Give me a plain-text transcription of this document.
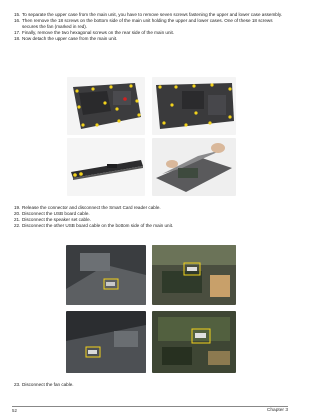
15. To separate the upper case from the main unit, you have to remove seven screws fastening the upper and lower case assembly.
16. Then remove the 18 screws on the bottom side of the main unit holding the upper and lower cases. One of these 18 screws secures the fan (marked in red).
17. Finally, remove the two hexagonal screws on the rear side of the main unit.
18. Now detach the upper case from the main unit.
19. Release the connector and disconnect the Smart Card reader cable.
20. Disconnect the USB board cable.
21. Disconnect the speaker set cable.
22. Disconnect the other USB board cable on the bottom side of the main unit.
23. Disconnect the fan cable.
52	Chapter 3
